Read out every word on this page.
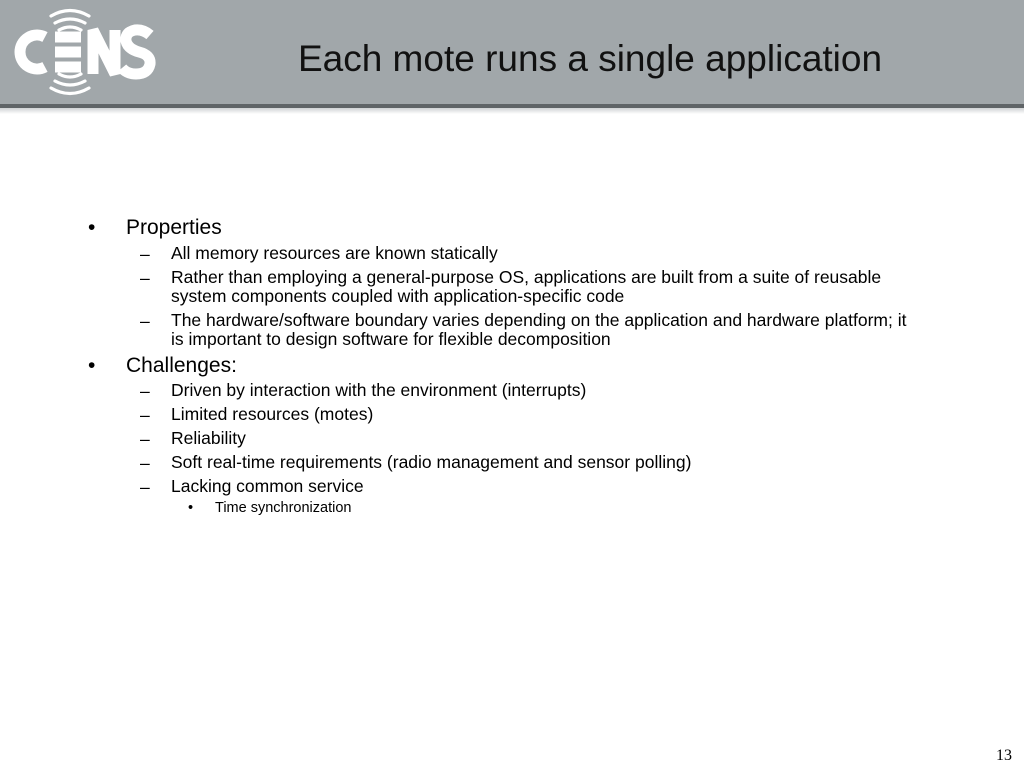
Each mote runs a single application
• Properties
– All memory resources are known statically
– Rather than employing a general-purpose OS, applications are built from a suite of reusable system components coupled with application-specific code
– The hardware/software boundary varies depending on the application and hardware platform; it is important to design software for flexible decomposition
• Challenges:
– Driven by interaction with the environment (interrupts)
– Limited resources (motes)
– Reliability
– Soft real-time requirements (radio management and sensor polling)
– Lacking common service
• Time synchronization
13
